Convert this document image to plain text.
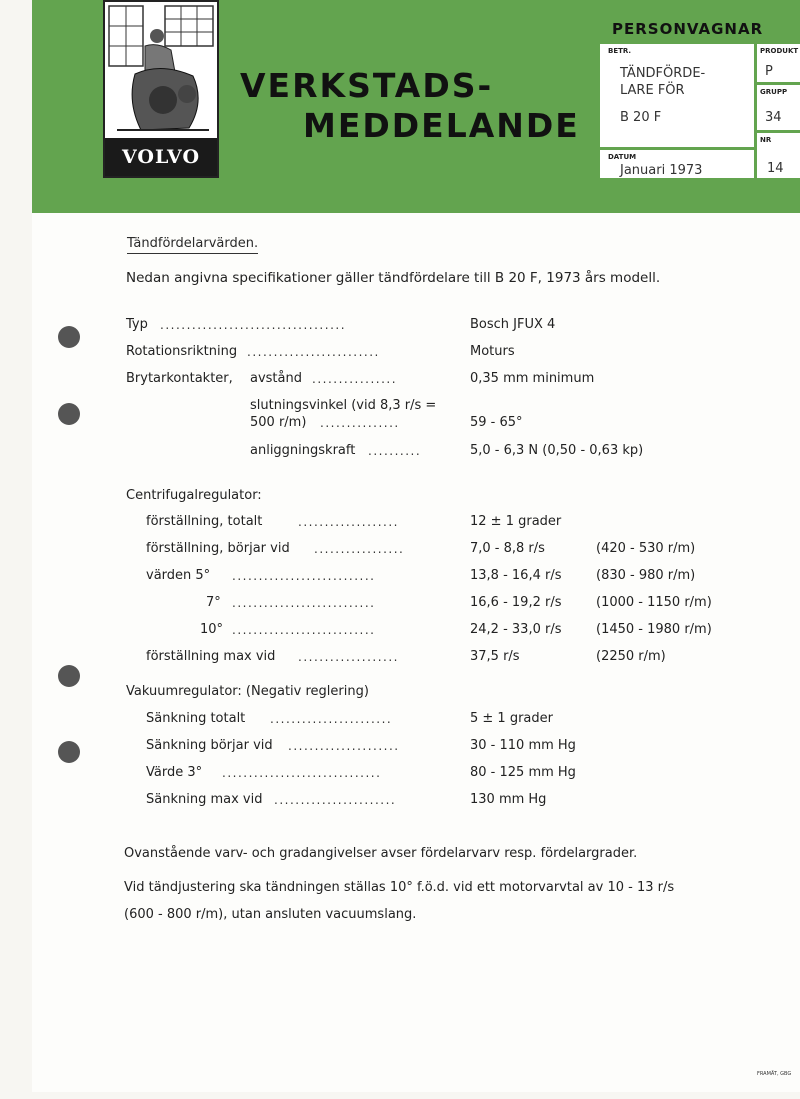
VOLVO
VERKSTADS-
MEDDELANDE
PERSONVAGNAR
BETR.
TÄNDFÖRDE-
LARE FÖR
B 20 F
DATUM
Januari 1973
PRODUKT
P
GRUPP
34
NR
14
Tändfördelarvärden.
Nedan angivna specifikationer gäller tändfördelare till B 20 F, 1973 års modell.
Typ ...................................	Bosch JFUX 4
Rotationsriktning .........................	Moturs
Brytarkontakter, avstånd ................	0,35 mm minimum
slutningsvinkel (vid 8,3 r/s =
500 r/m) ...............	59 - 65°
anliggningskraft ..........	5,0 - 6,3 N (0,50 - 0,63 kp)
Centrifugalregulator:
förställning, totalt	...................	12 ± 1 grader
förställning, börjar vid .................	7,0 - 8,8 r/s	(420 - 530 r/m)
värden 5° ...........................	13,8 - 16,4 r/s	(830 - 980 r/m)
7° ...........................	16,6 - 19,2 r/s	(1000 - 1150 r/m)
10° ...........................	24,2 - 33,0 r/s	(1450 - 1980 r/m)
förställning max vid ...................	37,5 r/s	(2250 r/m)
Vakuumregulator: (Negativ reglering)
Sänkning totalt .......................	5 ± 1 grader
Sänkning börjar vid .....................	30 - 110 mm Hg
Värde 3° ..............................	80 - 125 mm Hg
Sänkning max vid .......................	130 mm Hg
Ovanstående varv- och gradangivelser avser fördelarvarv resp. fördelargrader.
Vid tändjustering ska tändningen ställas 10° f.ö.d. vid ett motorvarvtal av 10 - 13 r/s
(600 - 800 r/m), utan ansluten vacuumslang.
FRAMÄT, GBG
